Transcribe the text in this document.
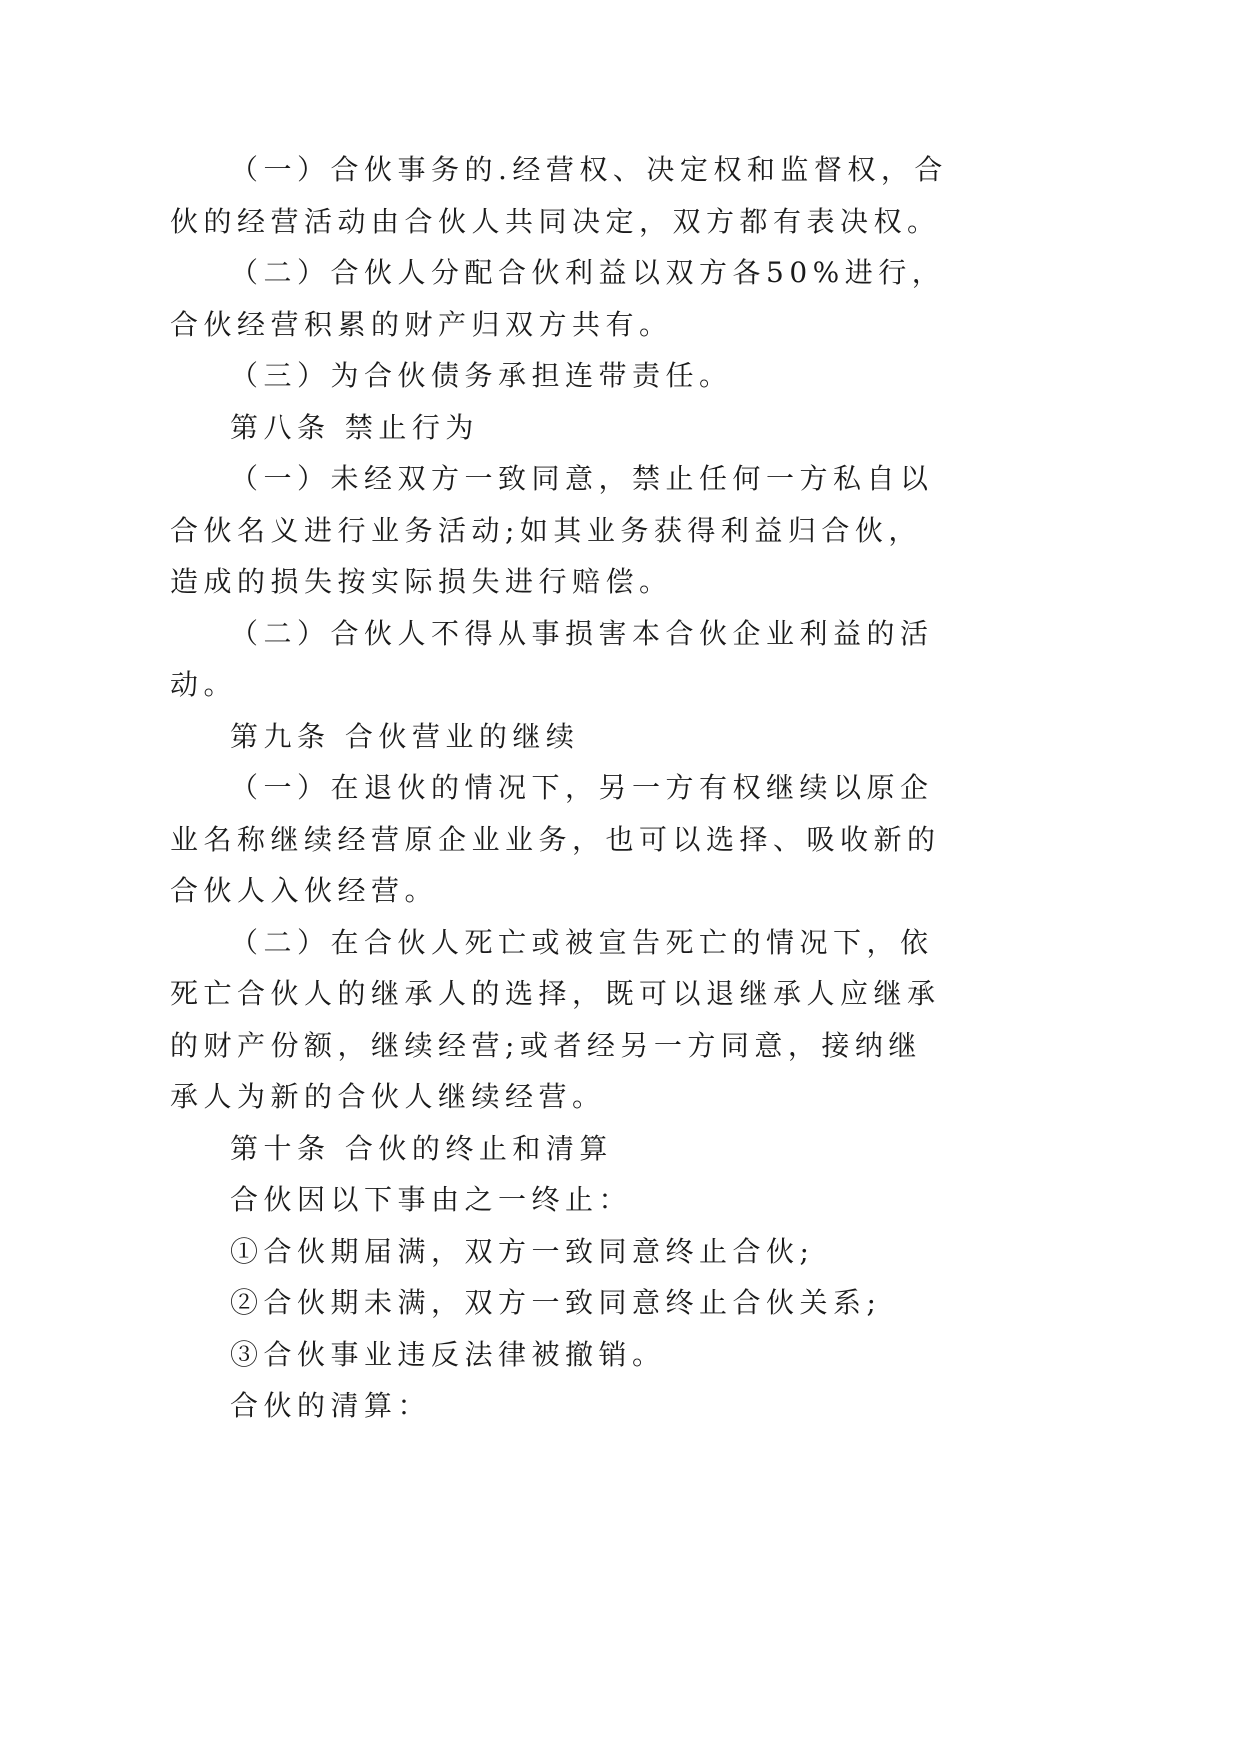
（一）合伙事务的.经营权、决定权和监督权，合伙的经营活动由合伙人共同决定，双方都有表决权。

（二）合伙人分配合伙利益以双方各50%进行，合伙经营积累的财产归双方共有。

（三）为合伙债务承担连带责任。

第八条 禁止行为

（一）未经双方一致同意，禁止任何一方私自以合伙名义进行业务活动;如其业务获得利益归合伙，造成的损失按实际损失进行赔偿。

（二）合伙人不得从事损害本合伙企业利益的活动。

第九条 合伙营业的继续

（一）在退伙的情况下，另一方有权继续以原企业名称继续经营原企业业务，也可以选择、吸收新的合伙人入伙经营。

（二）在合伙人死亡或被宣告死亡的情况下，依死亡合伙人的继承人的选择，既可以退继承人应继承的财产份额，继续经营;或者经另一方同意，接纳继承人为新的合伙人继续经营。

第十条 合伙的终止和清算

合伙因以下事由之一终止：

①合伙期届满，双方一致同意终止合伙;

②合伙期未满，双方一致同意终止合伙关系;

③合伙事业违反法律被撤销。

合伙的清算：
